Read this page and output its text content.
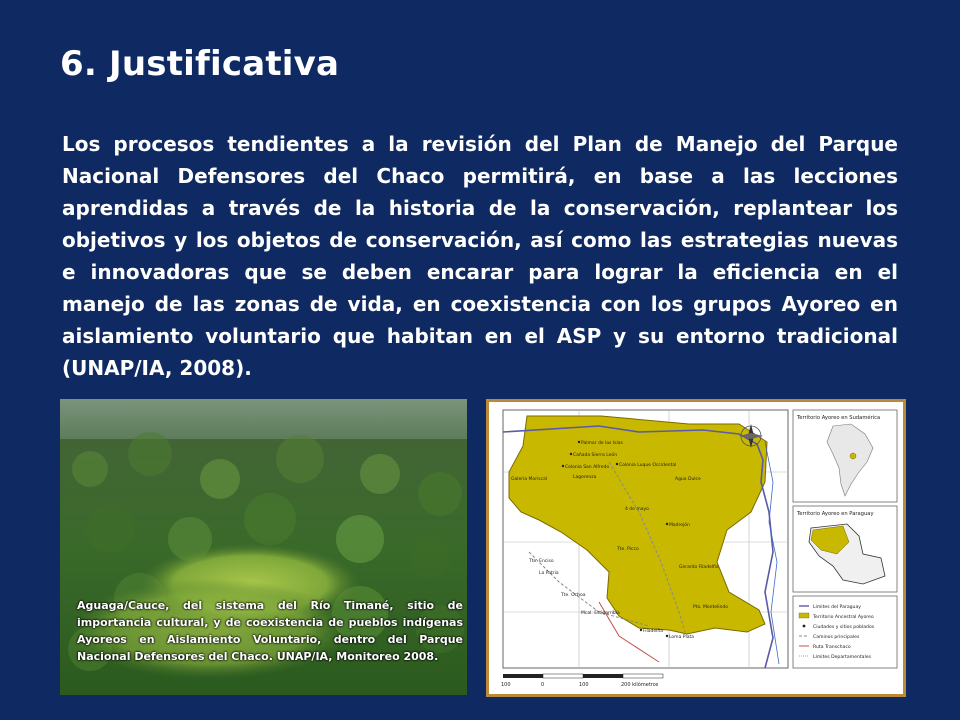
6. Justificativa
Los procesos tendientes a la revisión del Plan de Manejo del Parque Nacional Defensores del Chaco permitirá, en base a las lecciones aprendidas a través de la historia de la conservación, replantear los objetivos y los objetos de conservación, así como las estrategias nuevas e innovadoras que se deben encarar para lograr la eficiencia en el manejo de las zonas de vida, en coexistencia con los grupos Ayoreo en aislamiento voluntario que habitan en el ASP y su entorno tradicional (UNAP/IA, 2008).
Aguaga/Cauce, del sistema del Río Timané, sitio de importancia cultural, y de coexistencia de pueblos indígenas Ayoreos en Aislamiento Voluntario, dentro del Parque Nacional Defensores del Chaco. UNAP/IA, Monitoreo 2008.
Palmar de las Islas
Cañada Sierra León
Colonia San Alfredo
Lagerenza
Colonia Luque Occidental
Agua Dulce
Galeria Mariscal
4 de mayo
Madrejón
Tte. Picco
Tte. Enciso
La Patria
Tte. Ochoa
Mcal. Estigarribia
Gerardo Filadelfia
Filadelfia
Loma Plata
Pto. Montelindo
100	0	100	200 kilómetros
Territorio Ayoreo en Sudamérica
Territorio Ayoreo en Paraguay
Límites del Paraguay
Territorio Ancestral Ayoreo
Ciudades y sitios poblados
Caminos principales
Ruta Transchaco
Límites Departamentales
